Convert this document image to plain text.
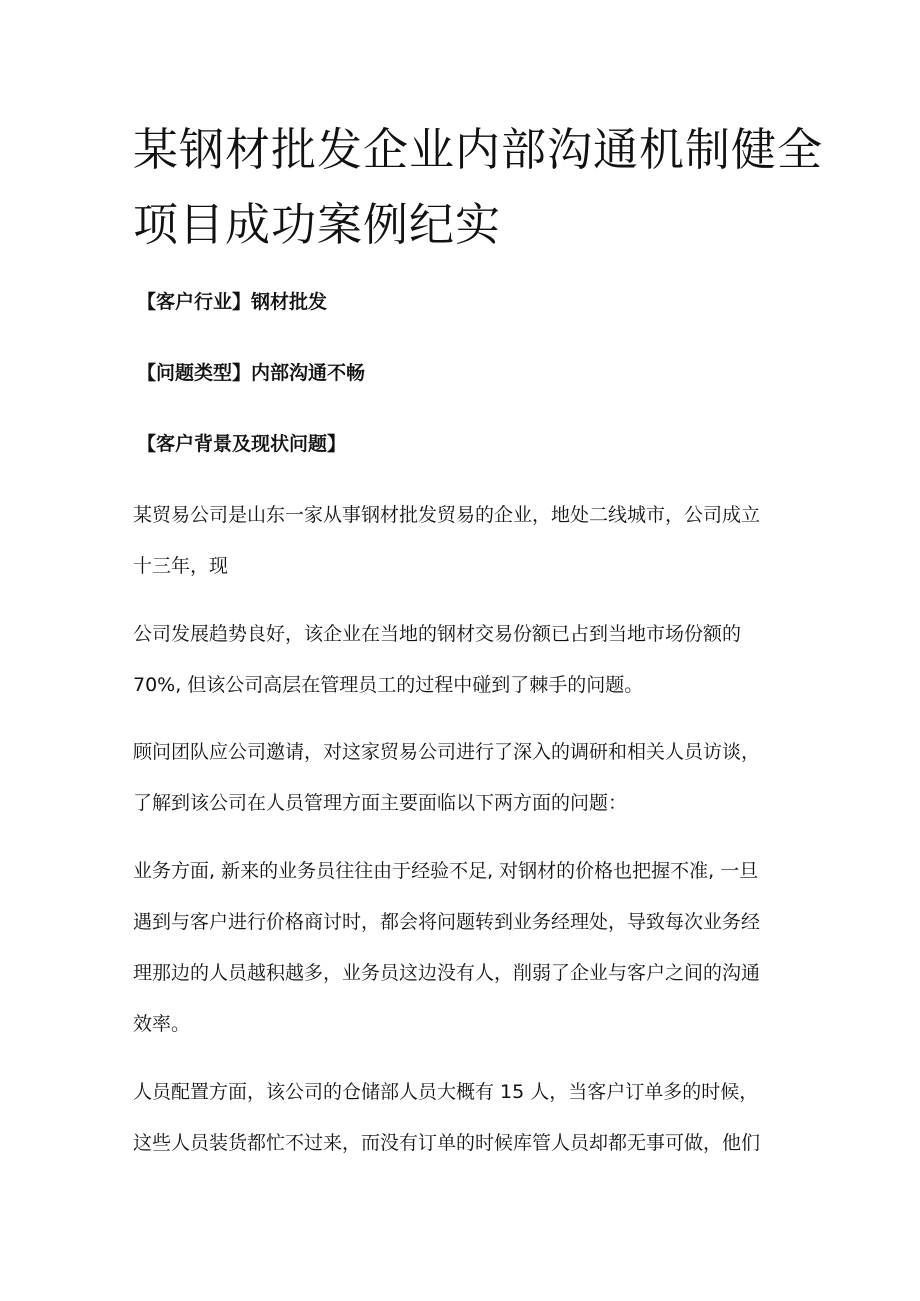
某钢材批发企业内部沟通机制健全
项目成功案例纪实
【客户行业】钢材批发
【问题类型】内部沟通不畅
【客户背景及现状问题】

某贸易公司是山东一家从事钢材批发贸易的企业，地处二线城市，公司成立
十三年，现

公司发展趋势良好，该企业在当地的钢材交易份额已占到当地市场份额的
70%, 但该公司高层在管理员工的过程中碰到了棘手的问题。

顾问团队应公司邀请，对这家贸易公司进行了深入的调研和相关人员访谈，
了解到该公司在人员管理方面主要面临以下两方面的问题：

业务方面, 新来的业务员往往由于经验不足, 对钢材的价格也把握不准, 一旦
遇到与客户进行价格商讨时，都会将问题转到业务经理处，导致每次业务经
理那边的人员越积越多，业务员这边没有人，削弱了企业与客户之间的沟通
效率。

人员配置方面，该公司的仓储部人员大概有 15 人，当客户订单多的时候，
这些人员装货都忙不过来，而没有订单的时候库管人员却都无事可做，他们
